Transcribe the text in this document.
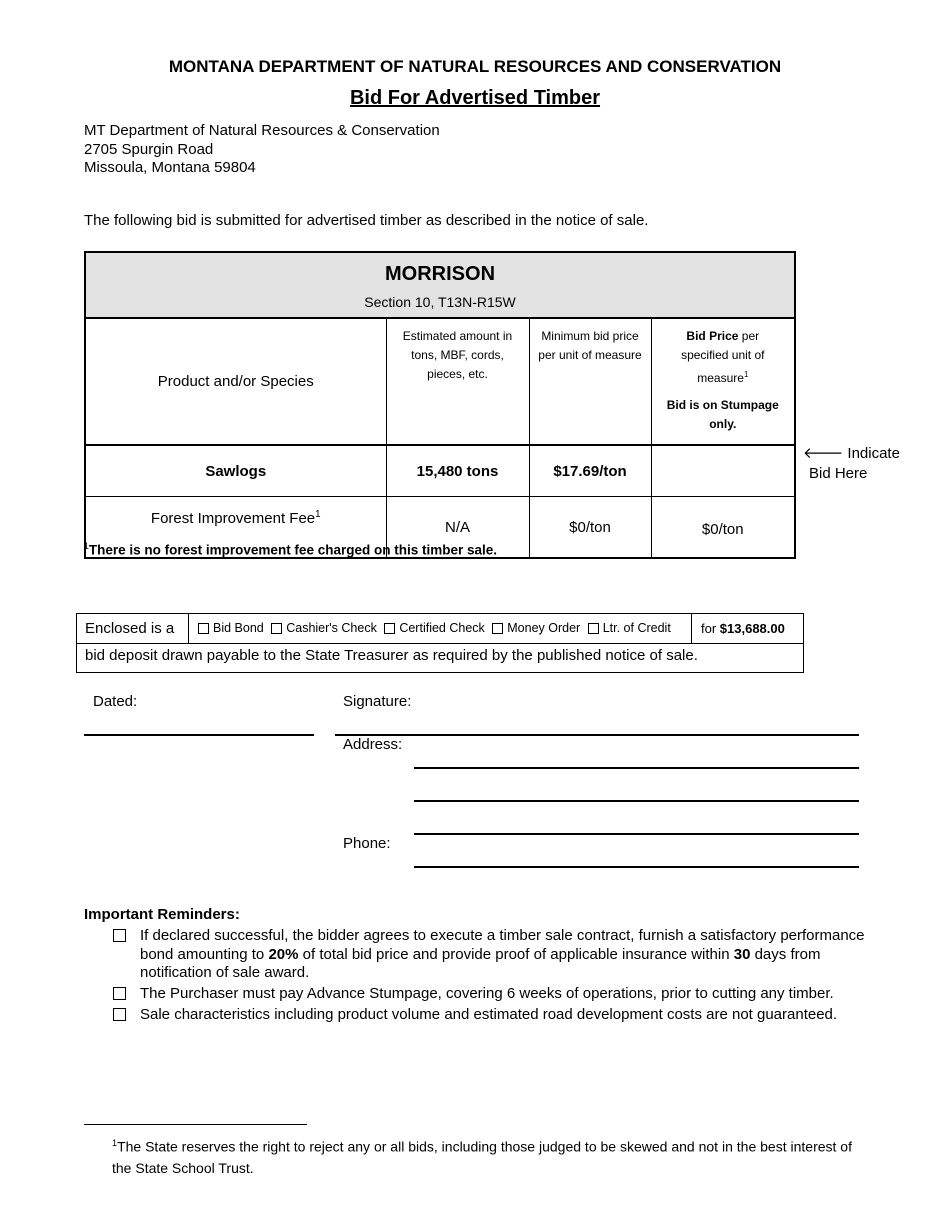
MONTANA DEPARTMENT OF NATURAL RESOURCES AND CONSERVATION
Bid For Advertised Timber
MT Department of Natural Resources & Conservation
2705 Spurgin Road
Missoula, Montana 59804
The following bid is submitted for advertised timber as described in the notice of sale.
MORRISON
Section 10, T13N-R15W			

Product and/or Species	Estimated amount in tons, MBF, cords, pieces, etc.	Minimum bid price per unit of measure	Bid Price per specified unit of measure$^1$
Bid is on Stumpage only.

Sawlogs	15,480 tons	$17.69/ton	
Forest Improvement Fee$^1$	N/A	$0/ton	$0/ton
🡐 Indicate
Bid Here
$^1$There is no forest improvement fee charged on this timber sale.
Enclosed is a	Bid Bond Cashier's Check Certified Check Money Order Ltr. of Credit	for $13,688.00
bid deposit drawn payable to the State Treasurer as required by the published notice of sale.
Dated:	Signature:
Address:
Phone:
Important Reminders:
If declared successful, the bidder agrees to execute a timber sale contract, furnish a satisfactory performance bond amounting to 20% of total bid price and provide proof of applicable insurance within 30 days from notification of sale award.
The Purchaser must pay Advance Stumpage, covering 6 weeks of operations, prior to cutting any timber.
Sale characteristics including product volume and estimated road development costs are not guaranteed.
$^1$The State reserves the right to reject any or all bids, including those judged to be skewed and not in the best interest of the State School Trust.
